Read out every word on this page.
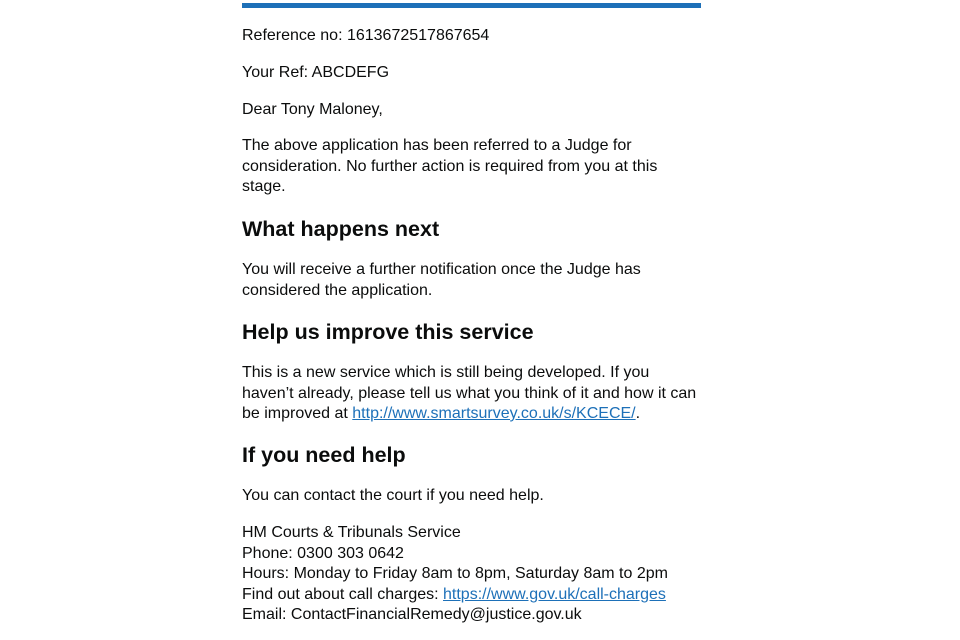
Reference no: 1613672517867654

Your Ref: ABCDEFG

Dear Tony Maloney,

The above application has been referred to a Judge for consideration. No further action is required from you at this stage.

What happens next

You will receive a further notification once the Judge has considered the application.

Help us improve this service

This is a new service which is still being developed. If you haven’t already, please tell us what you think of it and how it can be improved at http://www.smartsurvey.co.uk/s/KCECE/.

If you need help

You can contact the court if you need help.

HM Courts & Tribunals Service
Phone: 0300 303 0642
Hours: Monday to Friday 8am to 8pm, Saturday 8am to 2pm
Find out about call charges: https://www.gov.uk/call-charges
Email: ContactFinancialRemedy@justice.gov.uk
